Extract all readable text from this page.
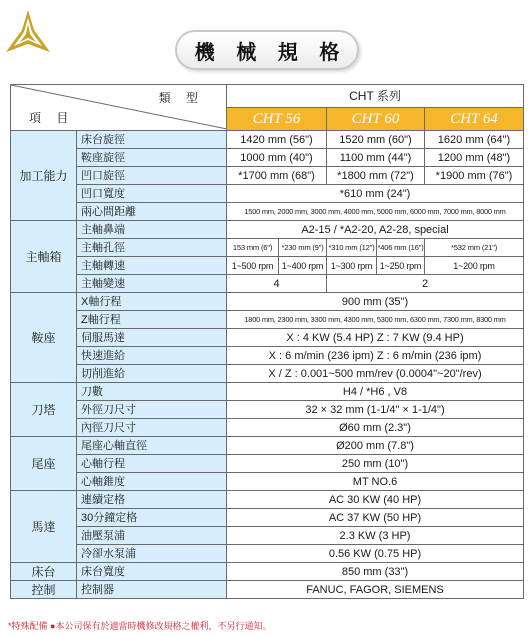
機 械 規 格
類 型
項 目		CHT 系列				
		CHT 56		CHT 60		CHT 64
加工能力	床台旋徑	1420 mm (56")		1520 mm (60")		1620 mm (64")
	鞍座旋徑	1000 mm (40")		1100 mm (44")		1200 mm (48")
	凹口旋徑	*1700 mm (68")		*1800 mm (72")		*1900 mm (76")
	凹口寬度	*610 mm (24")				
	兩心間距離	1500 mm, 2000 mm, 3000 mm, 4000 mm, 5000 mm, 6000 mm, 7000 mm, 8000 mm				
主軸箱	主軸鼻端	A2-15 / *A2-20, A2-28, special				
	主軸孔徑	153 mm (6")	*230 mm (9")	*310 mm (12")	*406 mm (16")	*532 mm (21")
	主軸轉速	1~500 rpm	1~400 rpm	1~300 rpm	1~250 rpm	1~200 rpm
	主軸變速	4		2		
鞍座	X軸行程	900 mm (35")				
	Z軸行程	1800 mm, 2300 mm, 3300 mm, 4300 mm, 5300 mm, 6300 mm, 7300 mm, 8300 mm				
	伺服馬達	X : 4 KW (5.4 HP) Z : 7 KW (9.4 HP)				
	快速進給	X : 6 m/min (236 ipm) Z : 6 m/min (236 ipm)				
	切削進給	X / Z : 0.001~500 mm/rev (0.0004"~20"/rev)				
刀塔	刀數	H4 / *H6 , V8				
	外徑刀尺寸	32 × 32 mm (1-1/4" × 1-1/4")				
	內徑刀尺寸	Ø60 mm (2.3")				
尾座	尾座心軸直徑	Ø200 mm (7.8")				
	心軸行程	250 mm (10")				
	心軸錐度	MT NO.6				
馬達	連續定格	AC 30 KW (40 HP)				
	30分鐘定格	AC 37 KW (50 HP)				
	油壓泵浦	2.3 KW (3 HP)				
	冷卻水泵浦	0.56 KW (0.75 HP)				
床台	床台寬度	850 mm (33")				
控制	控制器	FANUC, FAGOR, SIEMENS				
*特殊配備 ●本公司保有於適當時機修改規格之權利，不另行通知。
